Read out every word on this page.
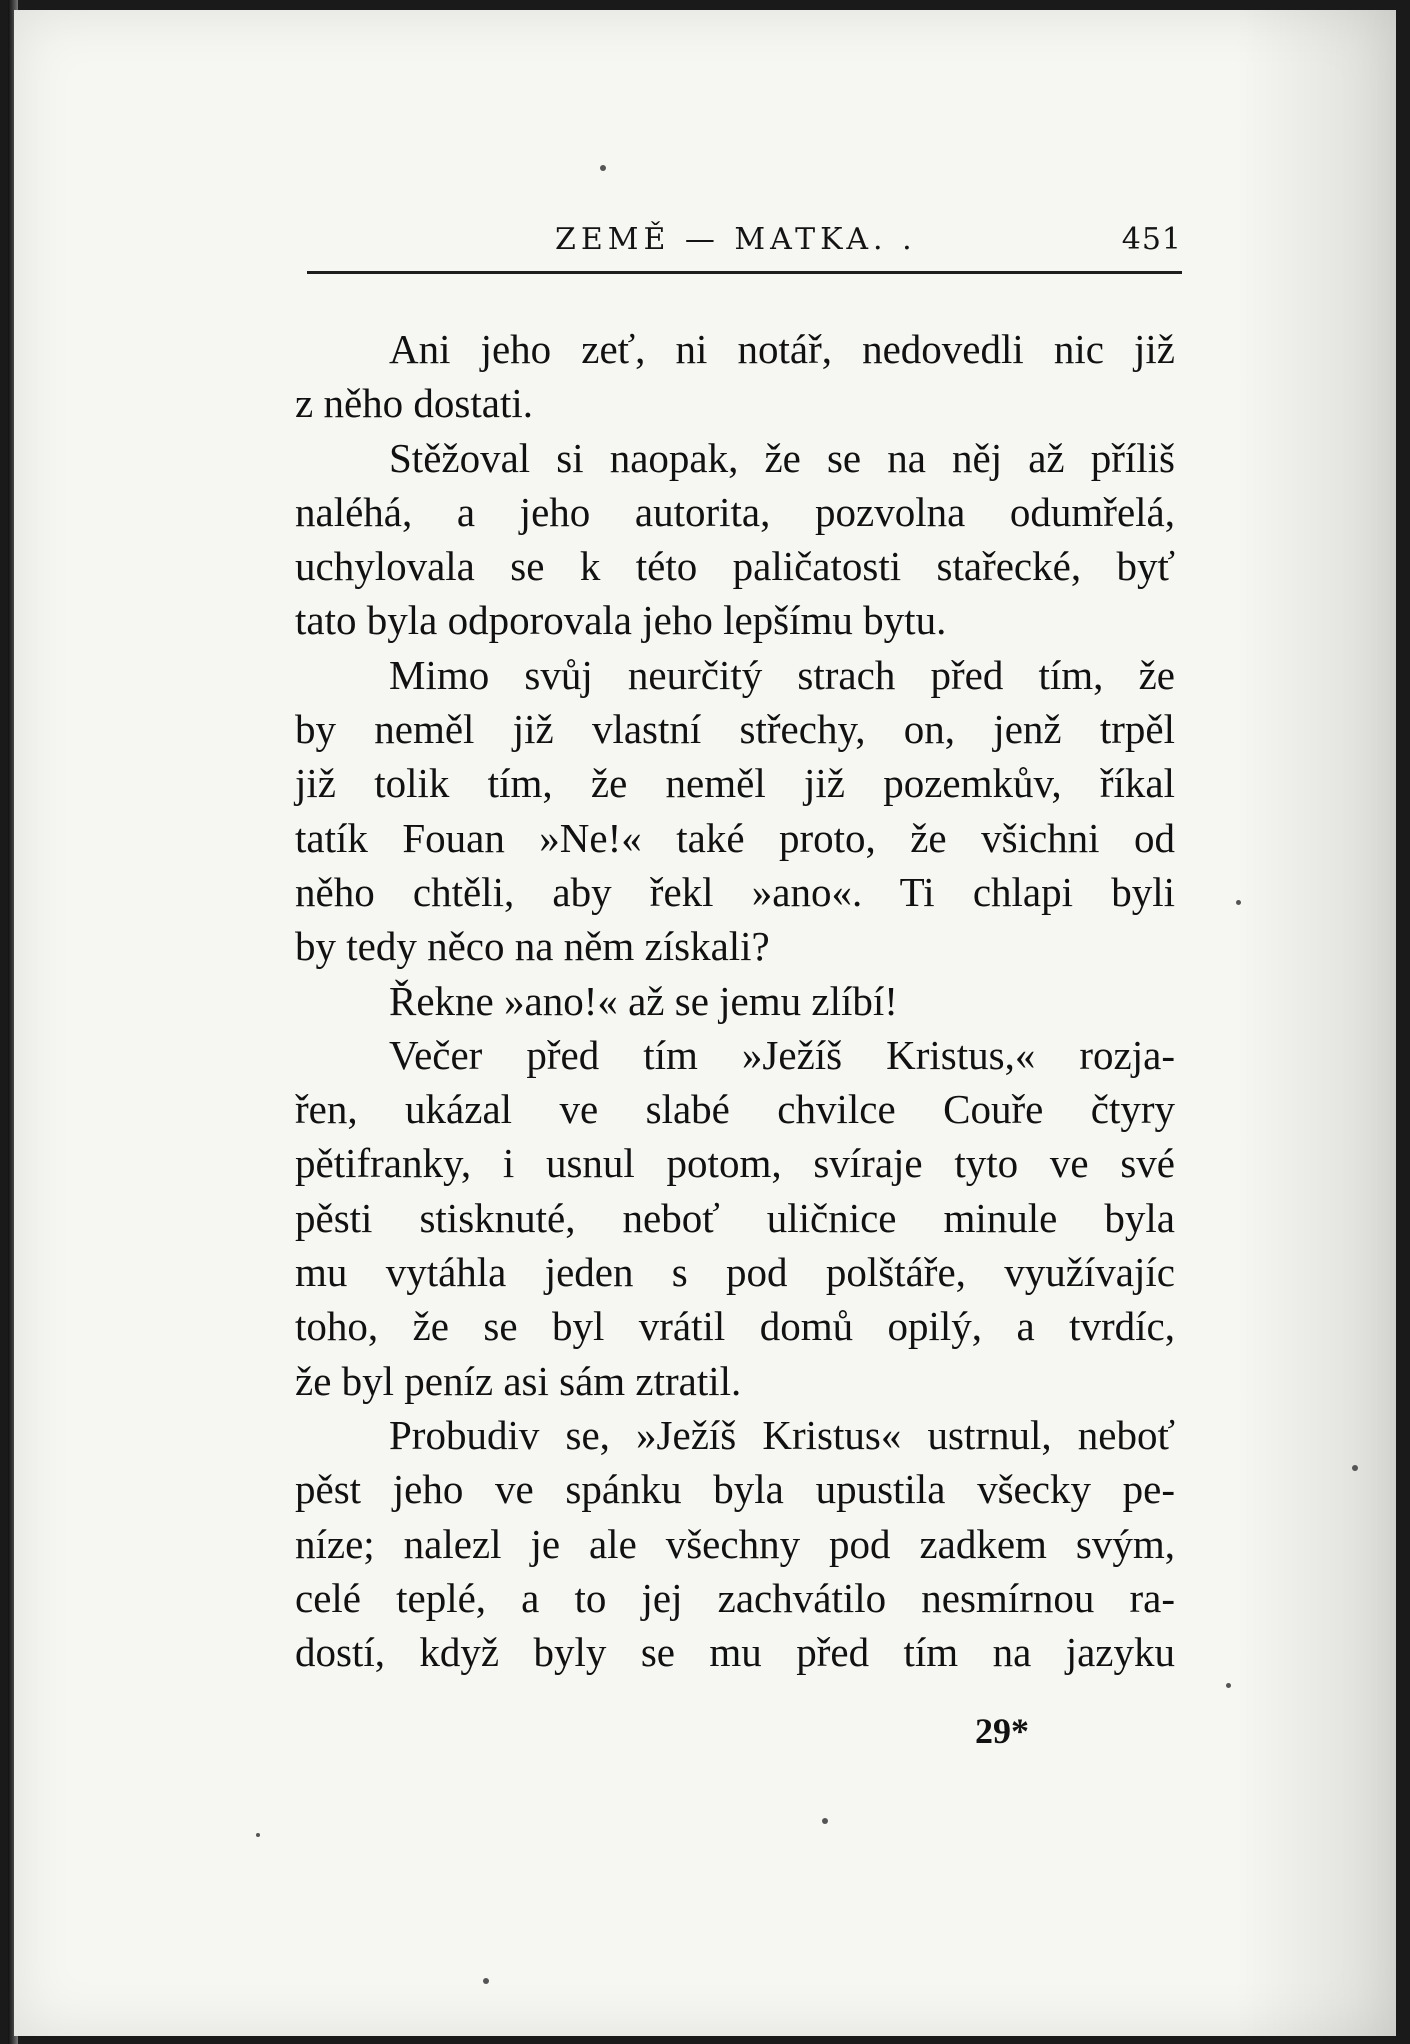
ZEMĚ — MATKA. .	451
Ani jeho zeť, ni notář, nedovedli nic již
z něho dostati.
Stěžoval si naopak, že se na něj až příliš
naléhá, a jeho autorita, pozvolna odumřelá,
uchylovala se k této paličatosti stařecké, byť
tato byla odporovala jeho lepšímu bytu.
Mimo svůj neurčitý strach před tím, že
by neměl již vlastní střechy, on, jenž trpěl
již tolik tím, že neměl již pozemkův, říkal
tatík Fouan »Ne!« také proto, že všichni od
něho chtěli, aby řekl »ano«. Ti chlapi byli
by tedy něco na něm získali?
Řekne »ano!« až se jemu zlíbí!
Večer před tím »Ježíš Kristus,« rozja-
řen, ukázal ve slabé chvilce Couře čtyry
pětifranky, i usnul potom, svíraje tyto ve své
pěsti stisknuté, neboť uličnice minule byla
mu vytáhla jeden s pod polštáře, využívajíc
toho, že se byl vrátil domů opilý, a tvrdíc,
že byl peníz asi sám ztratil.
Probudiv se, »Ježíš Kristus« ustrnul, neboť
pěst jeho ve spánku byla upustila všecky pe-
níze; nalezl je ale všechny pod zadkem svým,
celé teplé, a to jej zachvátilo nesmírnou ra-
dostí, když byly se mu před tím na jazyku
29*
